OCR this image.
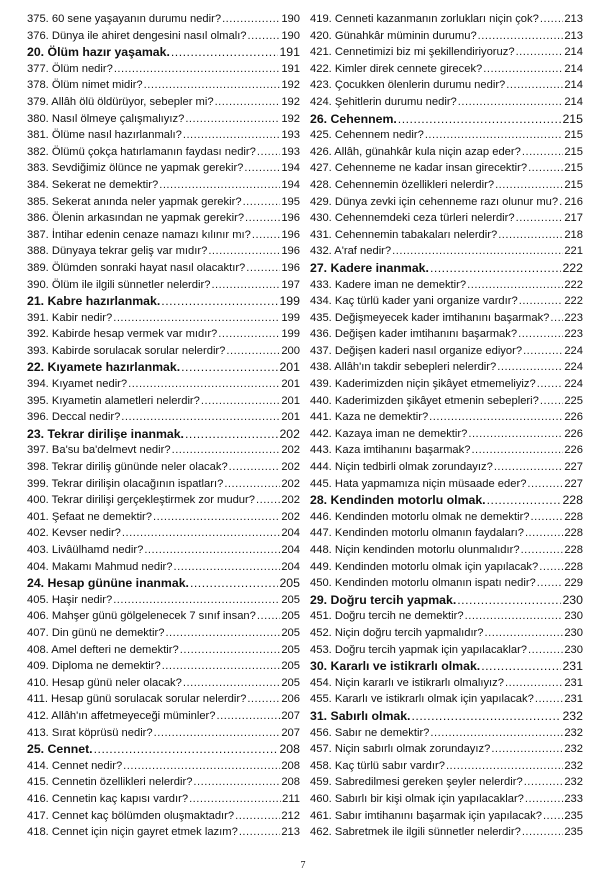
375. 60 sene yaşayanın durumu nedir? .....	190
376. Dünya ile ahiret dengesini nasıl olmalı? .....	190
20. Ölüm hazır yaşamak. .....	191
377. Ölüm nedir? .....	191
378. Ölüm nimet midir? .....	192
379. Allâh ölü öldürüyor, sebepler mi? .....	192
380. Nasıl ölmeye çalışmalıyız? .....	192
381. Ölüme nasıl hazırlanmalı? .....	193
382. Ölümü çokça hatırlamanın faydası nedir? ..... 193
383. Sevdiğimiz ölünce ne yapmak gerekir? .....	194
384. Sekerat ne demektir? .....	194
385. Sekerat anında neler yapmak gerekir? .....	195
386. Ölenin arkasından ne yapmak gerekir? .....	196
387. İntihar edenin cenaze namazı kılınır mı? .....	196
388. Dünyaya tekrar geliş var mıdır? .....	196
389. Ölümden sonraki hayat nasıl olacaktır? .....	196
390. Ölüm ile ilgili sünnetler nelerdir? .....	197
21. Kabre hazırlanmak. .....	199
391. Kabir nedir? .....	199
392. Kabirde hesap vermek var mıdır? .....	199
393. Kabirde sorulacak sorular nelerdir? .....	200
22. Kıyamete hazırlanmak. .....	201
394. Kıyamet nedir? .....	201
395. Kıyametin alametleri nelerdir? .....	201
396. Deccal nedir? .....	201
23. Tekrar dirilişe inanmak. .....	202
397. Ba'su ba'delmevt nedir? .....	202
398. Tekrar diriliş gününde neler olacak? .....	202
399. Tekrar dirilişin olacağının ispatları? .....	202
400. Tekrar dirilişi gerçekleştirmek zor mudur? ..... 202
401. Şefaat ne demektir? .....	202
402. Kevser nedir? .....	204
403. Livâülhamd nedir? .....	204
404. Makamı Mahmud nedir? .....	204
24. Hesap gününe inanmak. .....	205
405. Haşir nedir? .....	205
406. Mahşer günü gölgelenecek 7 sınıf insan? ..... 205
407. Din günü ne demektir? .....	205
408. Amel defteri ne demektir? .....	205
409. Diploma ne demektir? .....	205
410. Hesap günü neler olacak? .....	205
411. Hesap günü sorulacak sorular nelerdir? .....	206
412. Allâh'ın affetmeyeceği müminler? .....	207
413. Sırat köprüsü nedir? .....	207
25. Cennet. .....	208
414. Cennet nedir? .....	208
415. Cennetin özellikleri nelerdir? .....	208
416. Cennetin kaç kapısı vardır? .....	211
417. Cennet kaç bölümden oluşmaktadır? .....	212
418. Cennet için niçin gayret etmek lazım? .....	213
419. Cenneti kazanmanın zorlukları niçin çok? ..... 213
420. Günahkâr müminin durumu? .....	213
421. Cennetimizi biz mi şekillendiriyoruz? .....	214
422. Kimler direk cennete girecek? .....	214
423. Çocukken ölenlerin durumu nedir? .....	214
424. Şehitlerin durumu nedir? .....	214
26. Cehennem. .....	215
425. Cehennem nedir? .....	215
426. Allâh, günahkâr kula niçin azap eder? .....	215
427. Cehenneme ne kadar insan girecektir? .....	215
428. Cehennemin özellikleri nelerdir? .....	215
429. Dünya zevki için cehenneme razı olunur mu? ..... 216
430. Cehennemdeki ceza türleri nelerdir? .....	217
431. Cehennemin tabakaları nelerdir? .....	218
432. A'raf nedir? .....	221
27. Kadere inanmak. .....	222
433. Kadere iman ne demektir? .....	222
434. Kaç türlü kader yani organize vardır? .....	222
435. Değişmeyecek kader imtihanını başarmak? ..... 223
436. Değişen kader imtihanını başarmak? .....	223
437. Değişen kaderi nasıl organize ediyor? .....	224
438. Allâh'ın takdir sebepleri nelerdir? .....	224
439. Kaderimizden niçin şikâyet etmemeliyiz? .....	224
440. Kaderimizden şikâyet etmenin sebepleri? ..... 225
441. Kaza ne demektir? .....	226
442. Kazaya iman ne demektir? .....	226
443. Kaza imtihanını başarmak? .....	226
444. Niçin tedbirli olmak zorundayız? .....	227
445. Hata yapmamıza niçin müsaade eder? .....	227
28. Kendinden motorlu olmak. .....	228
446. Kendinden motorlu olmak ne demektir? .....	228
447. Kendinden motorlu olmanın faydaları? .....	228
448. Niçin kendinden motorlu olunmalıdır? .....	228
449. Kendinden motorlu olmak için yapılacak? ..... 228
450. Kendinden motorlu olmanın ispatı nedir? .....	229
29. Doğru tercih yapmak. .....	230
451. Doğru tercih ne demektir? .....	230
452. Niçin doğru tercih yapmalıdır? .....	230
453. Doğru tercih yapmak için yapılacaklar? .....	230
30. Kararlı ve istikrarlı olmak. .....	231
454. Niçin kararlı ve istikrarlı olmalıyız? .....	231
455. Kararlı ve istikrarlı olmak için yapılacak? .....	231
31. Sabırlı olmak. .....	232
456. Sabır ne demektir? .....	232
457. Niçin sabırlı olmak zorundayız? .....	232
458. Kaç türlü sabır vardır? .....	232
459. Sabredilmesi gereken şeyler nelerdir? .....	232
460. Sabırlı bir kişi olmak için yapılacaklar? .....	233
461. Sabır imtihanını başarmak için yapılacak? ..... 235
462. Sabretmek ile ilgili sünnetler nelerdir? .....	235
7
